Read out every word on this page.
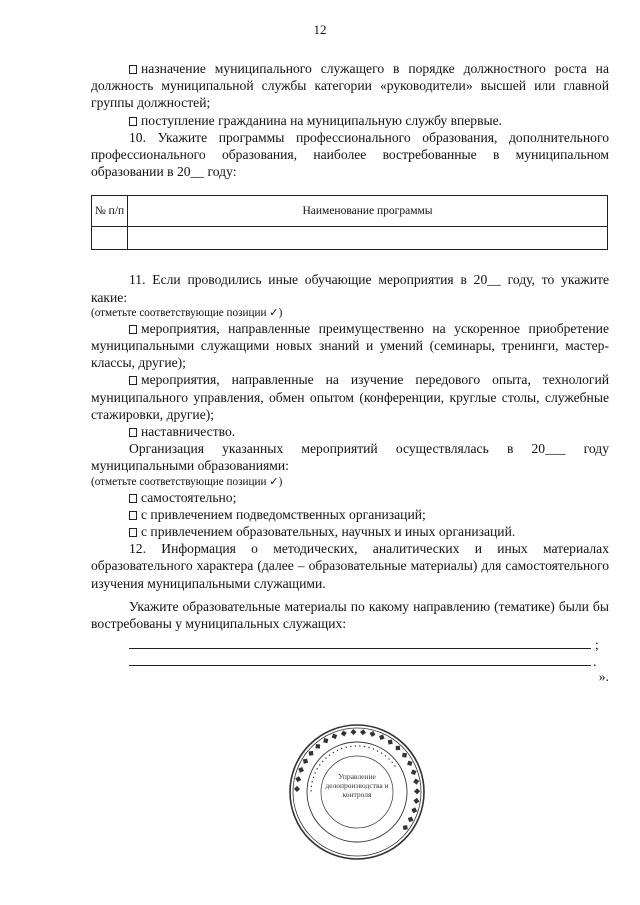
12

назначение муниципального служащего в порядке должностного роста на должность муниципальной службы категории «руководители» высшей или главной группы должностей;

поступление гражданина на муниципальную службу впервые.

10. Укажите программы профессионального образования, дополнительного профессионального образования, наиболее востребованные в муниципальном образовании в 20__ году:

№ п/п	Наименование программы

11. Если проводились иные обучающие мероприятия в 20__ году, то укажите какие:

(отметьте соответствующие позиции ✓)

мероприятия, направленные преимущественно на ускоренное приобретение муниципальными служащими новых знаний и умений (семинары, тренинги, мастер-классы, другие);

мероприятия, направленные на изучение передового опыта, технологий муниципального управления, обмен опытом (конференции, круглые столы, служебные стажировки, другие);

наставничество.

Организация указанных мероприятий осуществлялась в 20___ году муниципальными образованиями:

(отметьте соответствующие позиции ✓)

самостоятельно;

с привлечением подведомственных организаций;

с привлечением образовательных, научных и иных организаций.

12. Информация о методических, аналитических и иных материалах образовательного характера (далее – образовательные материалы) для самостоятельного изучения муниципальными служащими.

Укажите образовательные материалы по какому направлению (тематике) были бы востребованы у муниципальных служащих:

;
.
».
◆ ◆ ◆ ◆ ◆ ◆ ◆ ◆ ◆ ◆ ◆ ◆ ◆ ◆ ◆ ◆ ◆ ◆ ◆ ◆ ◆ ◆ ◆ ◆
• • • • • • • • • • • • • • • • • • • • • • • • • •
Управление делопроизводства и контроля
